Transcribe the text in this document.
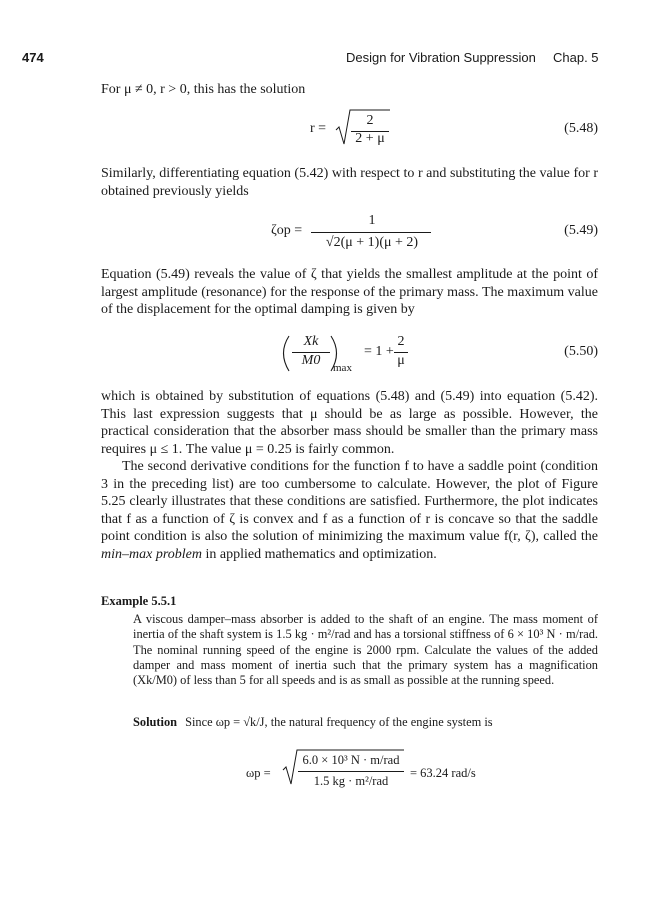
474	Design for Vibration Suppression Chap. 5
For μ ≠ 0, r > 0, this has the solution
r =
2
2 + μ
(5.48)
Similarly, differentiating equation (5.42) with respect to r and substituting the value for r obtained previously yields
ζop =
1
√2(μ + 1)(μ + 2)
(5.49)
Equation (5.49) reveals the value of ζ that yields the smallest amplitude at the point of largest amplitude (resonance) for the response of the primary mass. The maximum value of the displacement for the optimal damping is given by
Xk
M0	max
= 1 +
2
μ
(5.50)
which is obtained by substitution of equations (5.48) and (5.49) into equation (5.42). This last expression suggests that μ should be as large as possible. However, the practical consideration that the absorber mass should be smaller than the primary mass requires μ ≤ 1. The value μ = 0.25 is fairly common.
The second derivative conditions for the function f to have a saddle point (condition 3 in the preceding list) are too cumbersome to calculate. However, the plot of Figure 5.25 clearly illustrates that these conditions are satisfied. Furthermore, the plot indicates that f as a function of ζ is convex and f as a function of r is concave so that the saddle point condition is also the solution of minimizing the maximum value f(r, ζ), called the min–max problem in applied mathematics and optimization.
Example 5.5.1
A viscous damper–mass absorber is added to the shaft of an engine. The mass moment of inertia of the shaft system is 1.5 kg · m²/rad and has a torsional stiffness of 6 × 10³ N · m/rad. The nominal running speed of the engine is 2000 rpm. Calculate the values of the added damper and mass moment of inertia such that the primary system has a magnification (Xk/M0) of less than 5 for all speeds and is as small as possible at the running speed.
Solution Since ωp = √k/J, the natural frequency of the engine system is
ωp =
6.0 × 10³ N · m/rad
1.5 kg · m²/rad
= 63.24 rad/s
